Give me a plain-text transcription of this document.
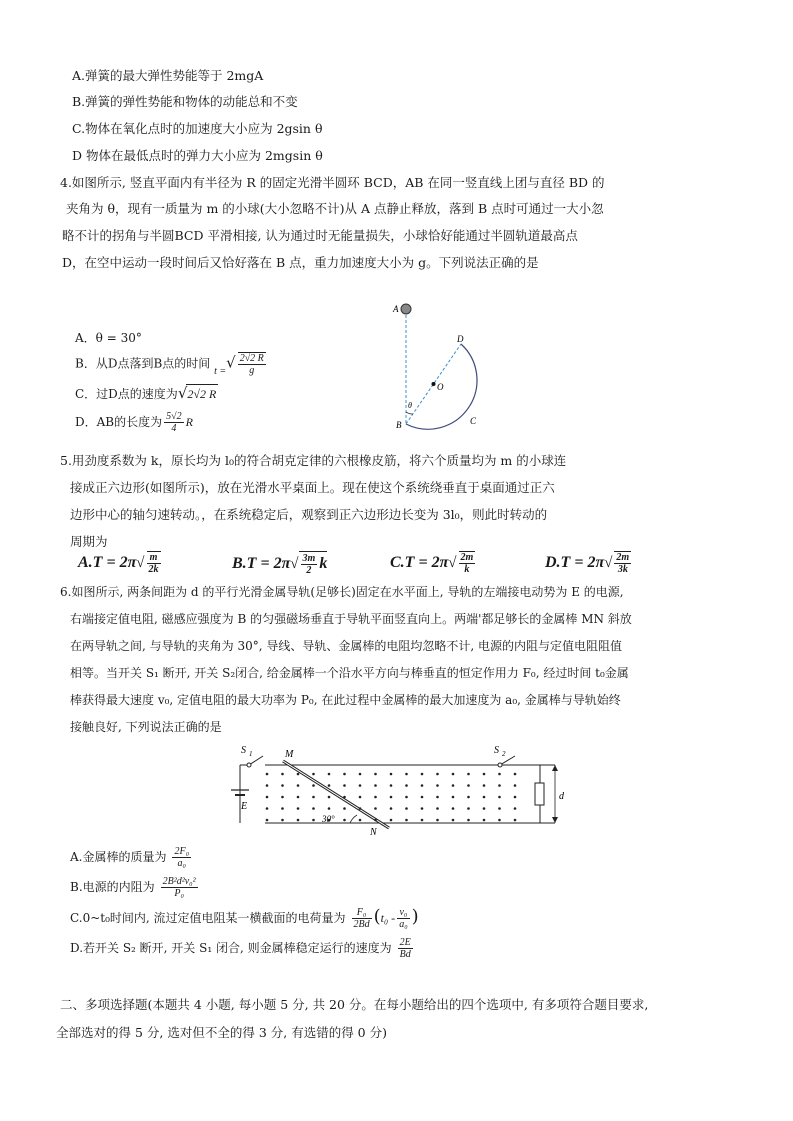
A.弹簧的最大弹性势能等于 2mgA
B.弹簧的弹性势能和物体的动能总和不变
C.物体在氧化点时的加速度大小应为 2gsin θ
D 物体在最低点时的弹力大小应为 2mgsin θ
4.如图所示, 竖直平面内有半径为 R 的固定光滑半圆环 BCD，AB 在同一竖直线上团与直径 BD 的
夹角为 θ，现有一质量为 m 的小球(大小忽略不计)从 A 点静止释放，落到 B 点时可通过一大小忽
略不计的拐角与半圆BCD 平滑相接, 认为通过时无能量损失，小球恰好能通过半圆轨道最高点
D，在空中运动一段时间后又恰好落在 B 点，重力加速度大小为 g。下列说法正确的是
A．θ = 30°
B．从D点落到B点的时间 $_{t =}√ \frac{2√2 R}{g}$
C．过D点的速度为√2√2 R
D．AB的长度为 $\frac{5√2}{4}$ R
A
B	C
D
O
θ
5.用劲度系数为 k，原长均为 l₀的符合胡克定律的六根橡皮筋，将六个质量均为 m 的小球连
接成正六边形(如图所示)，放在光滑水平桌面上。现在使这个系统绕垂直于桌面通过正六
边形中心的轴匀速转动。，在系统稳定后，观察到正六边形边长变为 3l₀，则此时转动的
周期为
$A.T = 2\pi√ \frac{m}{2k}$	$B.T = 2\pi√ \frac{3m}{2}$ k	$C.T = 2\pi√ \frac{2m}{k}$	$D.T = 2\pi√ \frac{2m}{3k}$
6.如图所示, 两条间距为 d 的平行光滑金属导轨(足够长)固定在水平面上, 导轨的左端接电动势为 E 的电源,
右端接定值电阻, 磁感应强度为 B 的匀强磁场垂直于导轨平面竖直向上。两端'都足够长的金属棒 MN 斜放
在两导轨之间, 与导轨的夹角为 30°, 导线、导轨、金属棒的电阻均忽略不计, 电源的内阻与定值电阻阻值
相等。当开关 S₁ 断开, 开关 S₂闭合, 给金属棒一个沿水平方向与棒垂直的恒定作用力 F₀, 经过时间 t₀金属
棒获得最大速度 v₀, 定值电阻的最大功率为 P₀, 在此过程中金属棒的最大加速度为 a₀, 金属棒与导轨始终
接触良好, 下列说法正确的是
S 1	S 2
M
N
E
d
30°
A.金属棒的质量为 $\frac{\text{2F₀}}{\text{a₀}}$
B.电源的内阻为 $\frac{\text{2B²d²v₀²}}{\text{P₀}}$
C.0~t₀时间内, 流过定值电阻某一横截面的电荷量为 $\frac{\text{F₀}}{2Bd} (t_0 - \frac{\text{v₀}}{\text{a₀}}$ )
D.若开关 S₂ 断开, 开关 S₁ 闭合, 则金属棒稳定运行的速度为 $\frac{2E}{Bd}$
二、多项选择题(本题共 4 小题, 每小题 5 分, 共 20 分。在每小题给出的四个选项中, 有多项符合题目要求,
全部选对的得 5 分, 选对但不全的得 3 分, 有选错的得 0 分)
